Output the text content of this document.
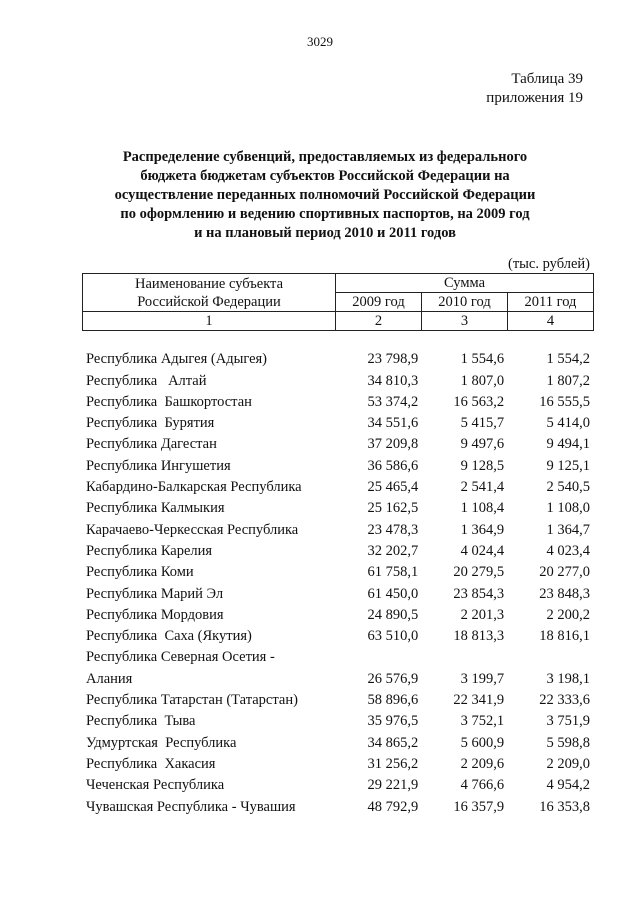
3029
Таблица 39
приложения 19
Распределение субвенций, предоставляемых из федерального
бюджета бюджетам субъектов Российской Федерации на
осуществление переданных полномочий Российской Федерации
по оформлению и ведению спортивных паспортов, на 2009 год
и на плановый период 2010 и 2011 годов
(тыс. рублей)
Наименование субъекта
Российской Федерации	Сумма		
	2009 год	2010 год	2011 год
1	2	3	4
Республика Адыгея (Адыгея)	23 798,9	1 554,6	1 554,2
Республика   Алтай	34 810,3	1 807,0	1 807,2
Республика  Башкортостан	53 374,2	16 563,2	16 555,5
Республика  Бурятия	34 551,6	5 415,7	5 414,0
Республика Дагестан	37 209,8	9 497,6	9 494,1
Республика Ингушетия	36 586,6	9 128,5	9 125,1
Кабардино-Балкарская Республика	25 465,4	2 541,4	2 540,5
Республика Калмыкия	25 162,5	1 108,4	1 108,0
Карачаево-Черкесская Республика	23 478,3	1 364,9	1 364,7
Республика Карелия	32 202,7	4 024,4	4 023,4
Республика Коми	61 758,1	20 279,5	20 277,0
Республика Марий Эл	61 450,0	23 854,3	23 848,3
Республика Мордовия	24 890,5	2 201,3	2 200,2
Республика  Саха (Якутия)	63 510,0	18 813,3	18 816,1
Республика Северная Осетия -			
Алания	26 576,9	3 199,7	3 198,1
Республика Татарстан (Татарстан)	58 896,6	22 341,9	22 333,6
Республика  Тыва	35 976,5	3 752,1	3 751,9
Удмуртская  Республика	34 865,2	5 600,9	5 598,8
Республика  Хакасия	31 256,2	2 209,6	2 209,0
Чеченская Республика	29 221,9	4 766,6	4 954,2
Чувашская Республика - Чувашия	48 792,9	16 357,9	16 353,8
